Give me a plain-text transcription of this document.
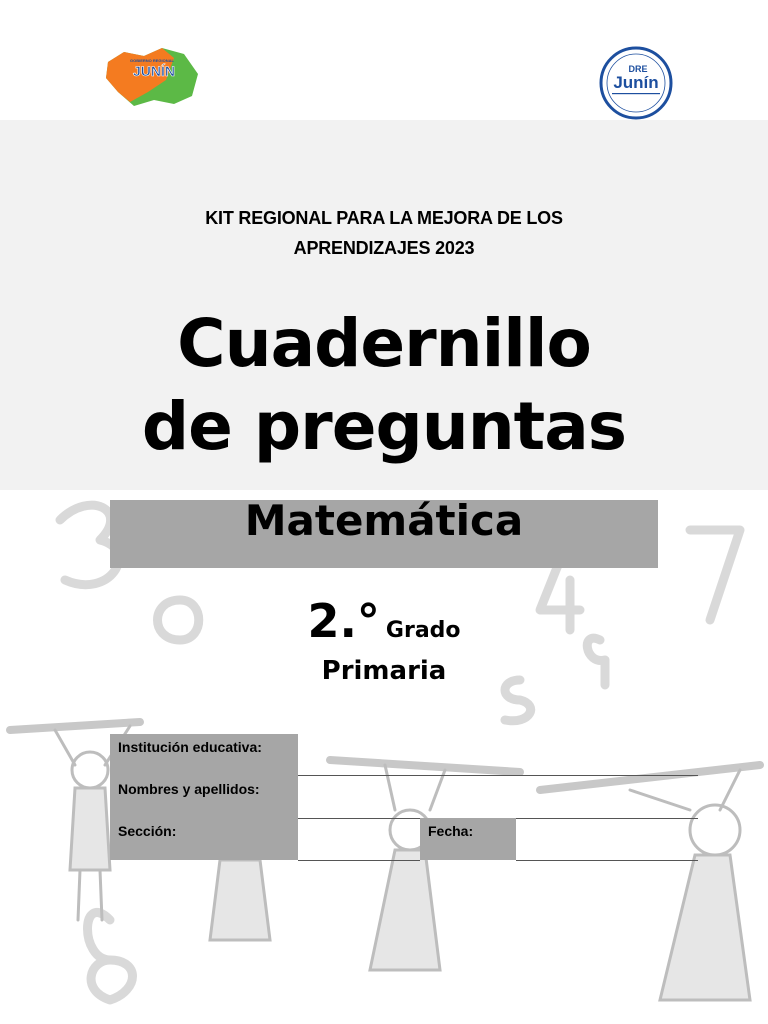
GOBIERNO REGIONAL
JUNÍN	DRE
Junín
KIT REGIONAL PARA LA MEJORA DE LOS
APRENDIZAJES 2023
Cuadernillo
de preguntas
Matemática
2.° Grado
Primaria
Institución educativa:
Nombres y apellidos:
Sección:	Fecha:
